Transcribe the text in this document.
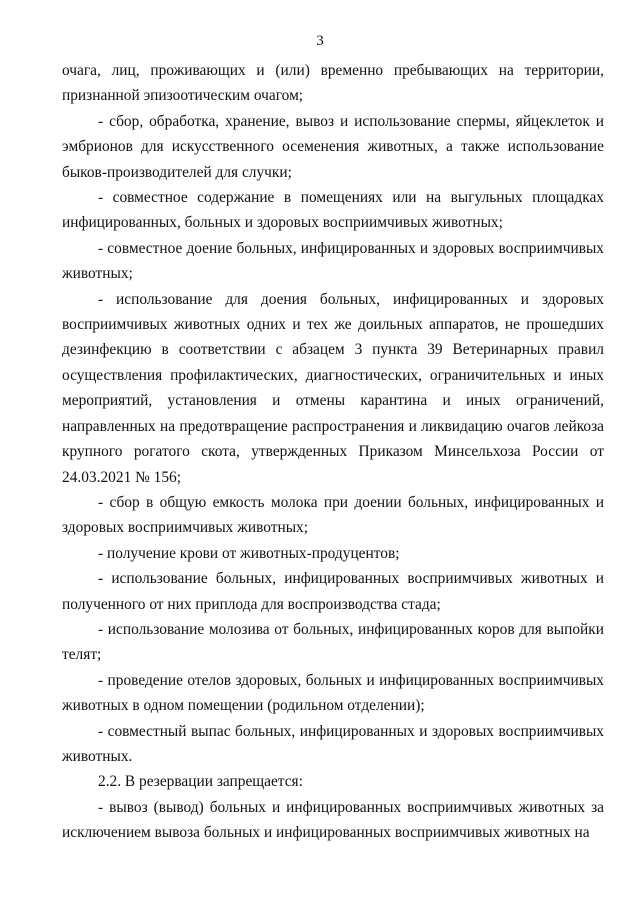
3

очага, лиц, проживающих и (или) временно пребывающих на территории, признанной эпизоотическим очагом;

- сбор, обработка, хранение, вывоз и использование спермы, яйцеклеток и эмбрионов для искусственного осеменения животных, а также использование быков-производителей для случки;

- совместное содержание в помещениях или на выгульных площадках инфицированных, больных и здоровых восприимчивых животных;

- совместное доение больных, инфицированных и здоровых восприимчивых животных;

- использование для доения больных, инфицированных и здоровых восприимчивых животных одних и тех же доильных аппаратов, не прошедших дезинфекцию в соответствии с абзацем 3 пункта 39 Ветеринарных правил осуществления профилактических, диагностических, ограничительных и иных мероприятий, установления и отмены карантина и иных ограничений, направленных на предотвращение распространения и ликвидацию очагов лейкоза крупного рогатого скота, утвержденных Приказом Минсельхоза России от 24.03.2021 № 156;

- сбор в общую емкость молока при доении больных, инфицированных и здоровых восприимчивых животных;

- получение крови от животных-продуцентов;

- использование больных, инфицированных восприимчивых животных и полученного от них приплода для воспроизводства стада;

- использование молозива от больных, инфицированных коров для выпойки телят;

- проведение отелов здоровых, больных и инфицированных восприимчивых животных в одном помещении (родильном отделении);

- совместный выпас больных, инфицированных и здоровых восприимчивых животных.

2.2. В резервации запрещается:

- вывоз (вывод) больных и инфицированных восприимчивых животных за исключением вывоза больных и инфицированных восприимчивых животных на
